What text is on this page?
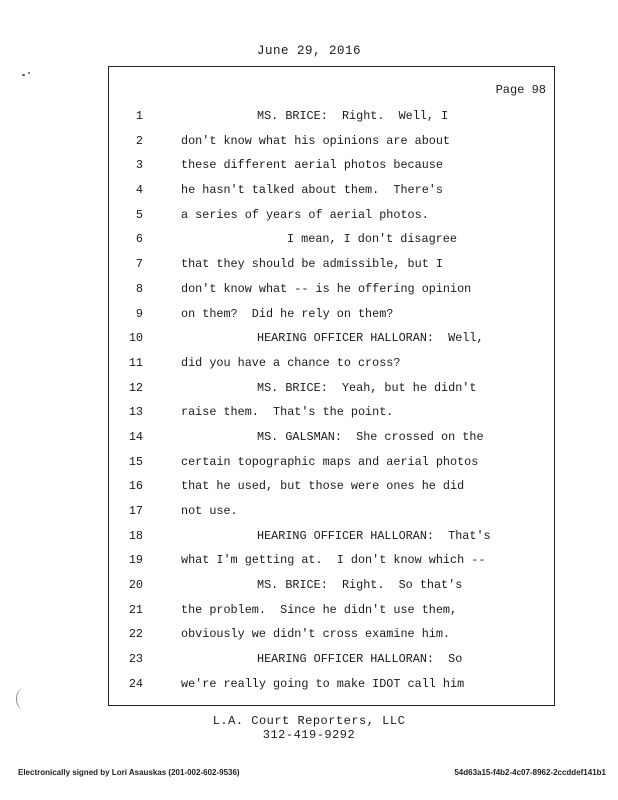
June 29, 2016
Page 98
1	MS. BRICE:  Right.  Well, I
2	don't know what his opinions are about
3	these different aerial photos because
4	he hasn't talked about them.  There's
5	a series of years of aerial photos.
6	I mean, I don't disagree
7	that they should be admissible, but I
8	don't know what -- is he offering opinion
9	on them?  Did he rely on them?
10	HEARING OFFICER HALLORAN:  Well,
11	did you have a chance to cross?
12	MS. BRICE:  Yeah, but he didn't
13	raise them.  That's the point.
14	MS. GALSMAN:  She crossed on the
15	certain topographic maps and aerial photos
16	that he used, but those were ones he did
17	not use.
18	HEARING OFFICER HALLORAN:  That's
19	what I'm getting at.  I don't know which --
20	MS. BRICE:  Right.  So that's
21	the problem.  Since he didn't use them,
22	obviously we didn't cross examine him.
23	HEARING OFFICER HALLORAN:  So
24	we're really going to make IDOT call him
L.A. Court Reporters, LLC
312-419-9292
Electronically signed by Lori Asauskas (201-002-602-9536)	54d63a15-f4b2-4c07-8962-2ccddef141b1
